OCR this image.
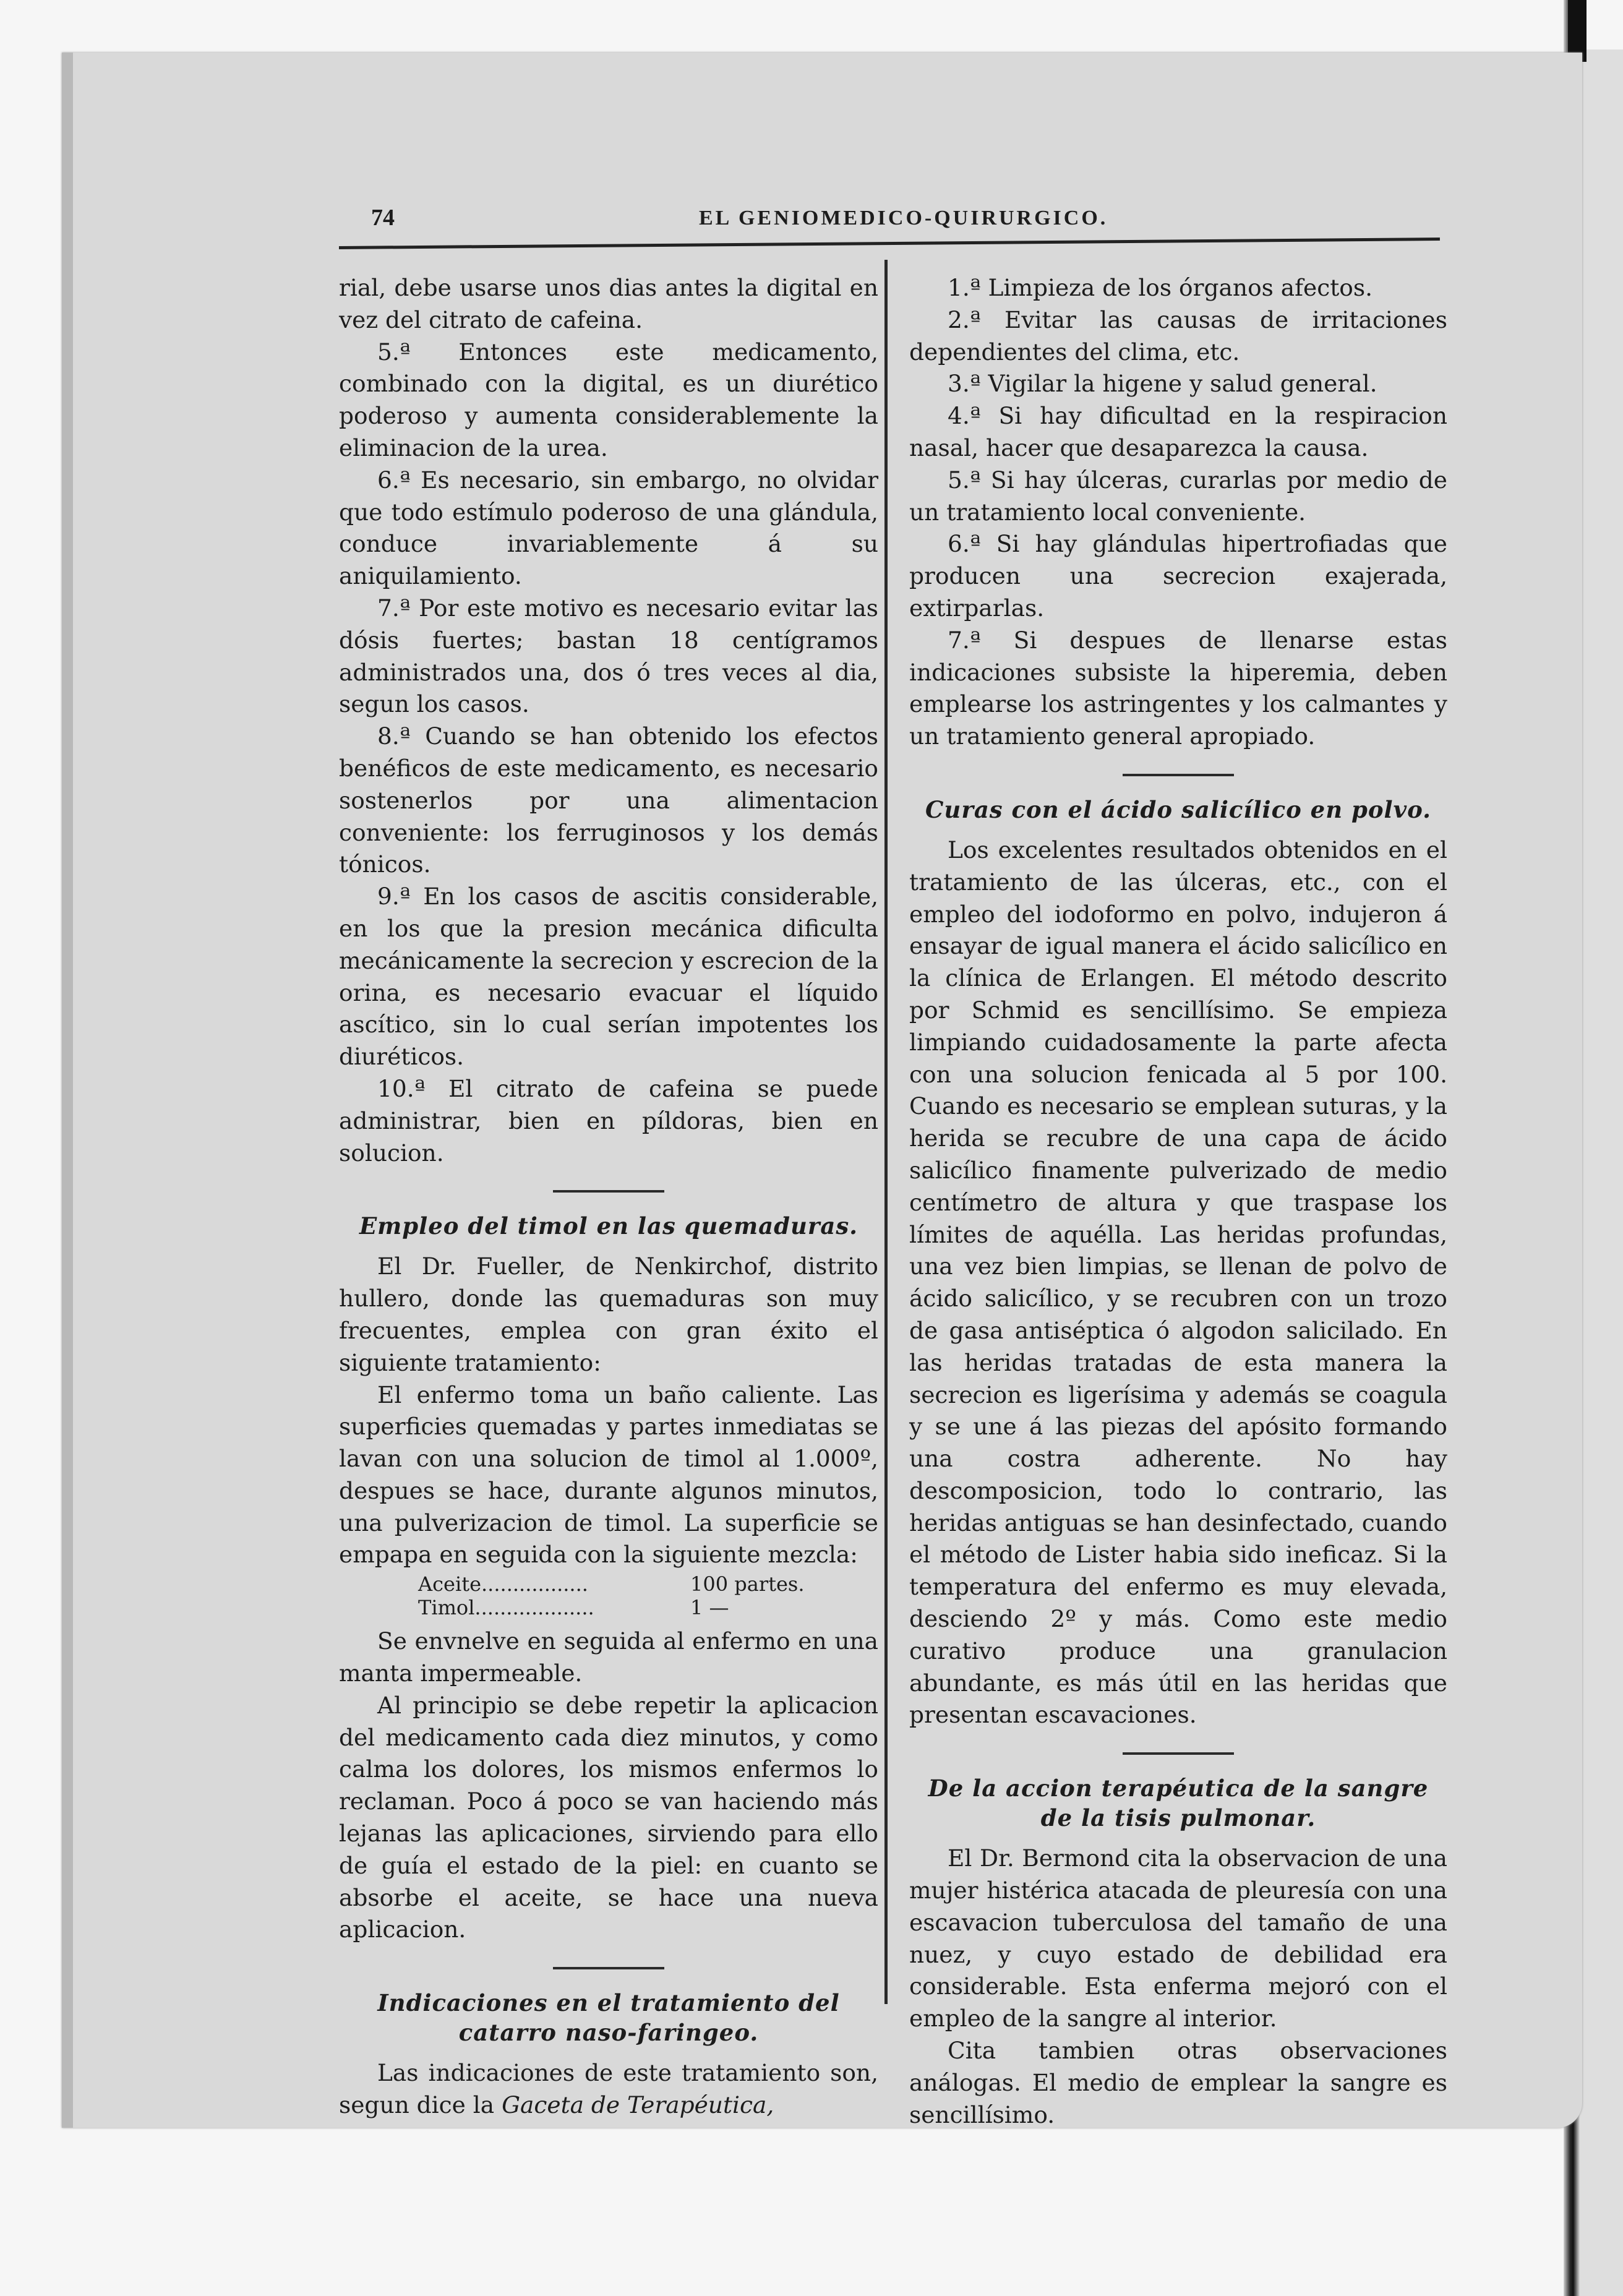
74	EL GENIOMEDICO-QUIRURGICO.

rial, debe usarse unos dias antes la digital en vez del citrato de cafeina.

5.ª Entonces este medicamento, combinado con la digital, es un diurético poderoso y aumenta considerablemente la eliminacion de la urea.

6.ª Es necesario, sin embargo, no olvidar que todo estímulo poderoso de una glándula, conduce invariablemente á su aniquilamiento.

7.ª Por este motivo es necesario evitar las dósis fuertes; bastan 18 centígramos administrados una, dos ó tres veces al dia, segun los casos.

8.ª Cuando se han obtenido los efectos benéficos de este medicamento, es necesario sostenerlos por una alimentacion conveniente: los ferruginosos y los demás tónicos.

9.ª En los casos de ascitis considerable, en los que la presion mecánica dificulta mecánicamente la secrecion y escrecion de la orina, es necesario evacuar el líquido ascítico, sin lo cual serían impotentes los diuréticos.

10.ª El citrato de cafeina se puede administrar, bien en píldoras, bien en solucion.

Empleo del timol en las quemaduras.

El Dr. Fueller, de Nenkirchof, distrito hullero, donde las quemaduras son muy frecuentes, emplea con gran éxito el siguiente tratamiento:

El enfermo toma un baño caliente. Las superficies quemadas y partes inmediatas se lavan con una solucion de timol al 1.000º, despues se hace, durante algunos minutos, una pulverizacion de timol. La superficie se empapa en seguida con la siguiente mezcla:

Aceite.................	100 partes.
Timol...................	1 —

Se envnelve en seguida al enfermo en una manta impermeable.

Al principio se debe repetir la aplicacion del medicamento cada diez minutos, y como calma los dolores, los mismos enfermos lo reclaman. Poco á poco se van haciendo más lejanas las aplicaciones, sirviendo para ello de guía el estado de la piel: en cuanto se absorbe el aceite, se hace una nueva aplicacion.

Indicaciones en el tratamiento del catarro naso-faringeo.

Las indicaciones de este tratamiento son, segun dice la Gaceta de Terapéutica,

1.ª Limpieza de los órganos afectos.

2.ª Evitar las causas de irritaciones dependientes del clima, etc.

3.ª Vigilar la higene y salud general.

4.ª Si hay dificultad en la respiracion nasal, hacer que desaparezca la causa.

5.ª Si hay úlceras, curarlas por medio de un tratamiento local conveniente.

6.ª Si hay glándulas hipertrofiadas que producen una secrecion exajerada, extirparlas.

7.ª Si despues de llenarse estas indicaciones subsiste la hiperemia, deben emplearse los astringentes y los calmantes y un tratamiento general apropiado.

Curas con el ácido salicílico en polvo.

Los excelentes resultados obtenidos en el tratamiento de las úlceras, etc., con el empleo del iodoformo en polvo, indujeron á ensayar de igual manera el ácido salicílico en la clínica de Erlangen. El método descrito por Schmid es sencillísimo. Se empieza limpiando cuidadosamente la parte afecta con una solucion fenicada al 5 por 100. Cuando es necesario se emplean suturas, y la herida se recubre de una capa de ácido salicílico finamente pulverizado de medio centímetro de altura y que traspase los límites de aquélla. Las heridas profundas, una vez bien limpias, se llenan de polvo de ácido salicílico, y se recubren con un trozo de gasa antiséptica ó algodon salicilado. En las heridas tratadas de esta manera la secrecion es ligerísima y además se coagula y se une á las piezas del apósito formando una costra adherente. No hay descomposicion, todo lo contrario, las heridas antiguas se han desinfectado, cuando el método de Lister habia sido ineficaz. Si la temperatura del enfermo es muy elevada, desciendo 2º y más. Como este medio curativo produce una granulacion abundante, es más útil en las heridas que presentan escavaciones.

De la accion terapéutica de la sangre de la tisis pulmonar.

El Dr. Bermond cita la observacion de una mujer histérica atacada de pleuresía con una escavacion tuberculosa del tamaño de una nuez, y cuyo estado de debilidad era considerable. Esta enferma mejoró con el empleo de la sangre al interior.

Cita tambien otras observaciones análogas. El medio de emplear la sangre es sencillísimo.
